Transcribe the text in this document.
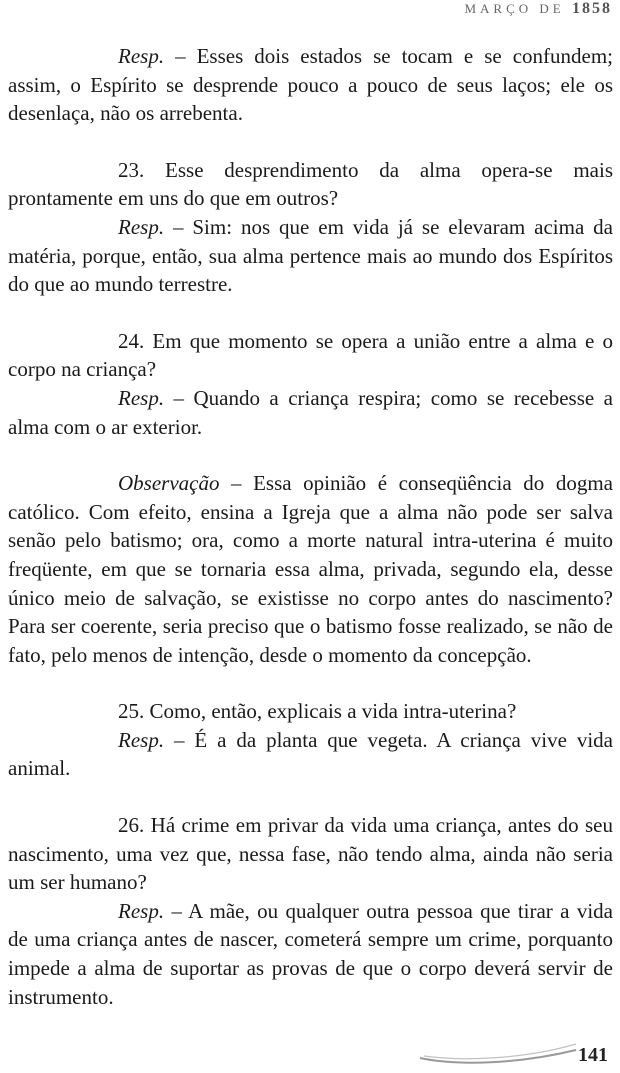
MARÇO DE 1858

Resp. – Esses dois estados se tocam e se confundem; assim, o Espírito se desprende pouco a pouco de seus laços; ele os desenlaça, não os arrebenta.

23. Esse desprendimento da alma opera-se mais prontamente em uns do que em outros?

Resp. – Sim: nos que em vida já se elevaram acima da matéria, porque, então, sua alma pertence mais ao mundo dos Espíritos do que ao mundo terrestre.

24. Em que momento se opera a união entre a alma e o corpo na criança?

Resp. – Quando a criança respira; como se recebesse a alma com o ar exterior.

Observação – Essa opinião é conseqüência do dogma católico. Com efeito, ensina a Igreja que a alma não pode ser salva senão pelo batismo; ora, como a morte natural intra-uterina é muito freqüente, em que se tornaria essa alma, privada, segundo ela, desse único meio de salvação, se existisse no corpo antes do nascimento? Para ser coerente, seria preciso que o batismo fosse realizado, se não de fato, pelo menos de intenção, desde o momento da concepção.

25. Como, então, explicais a vida intra-uterina?

Resp. – É a da planta que vegeta. A criança vive vida animal.

26. Há crime em privar da vida uma criança, antes do seu nascimento, uma vez que, nessa fase, não tendo alma, ainda não seria um ser humano?

Resp. – A mãe, ou qualquer outra pessoa que tirar a vida de uma criança antes de nascer, cometerá sempre um crime, porquanto impede a alma de suportar as provas de que o corpo deverá servir de instrumento.

141
